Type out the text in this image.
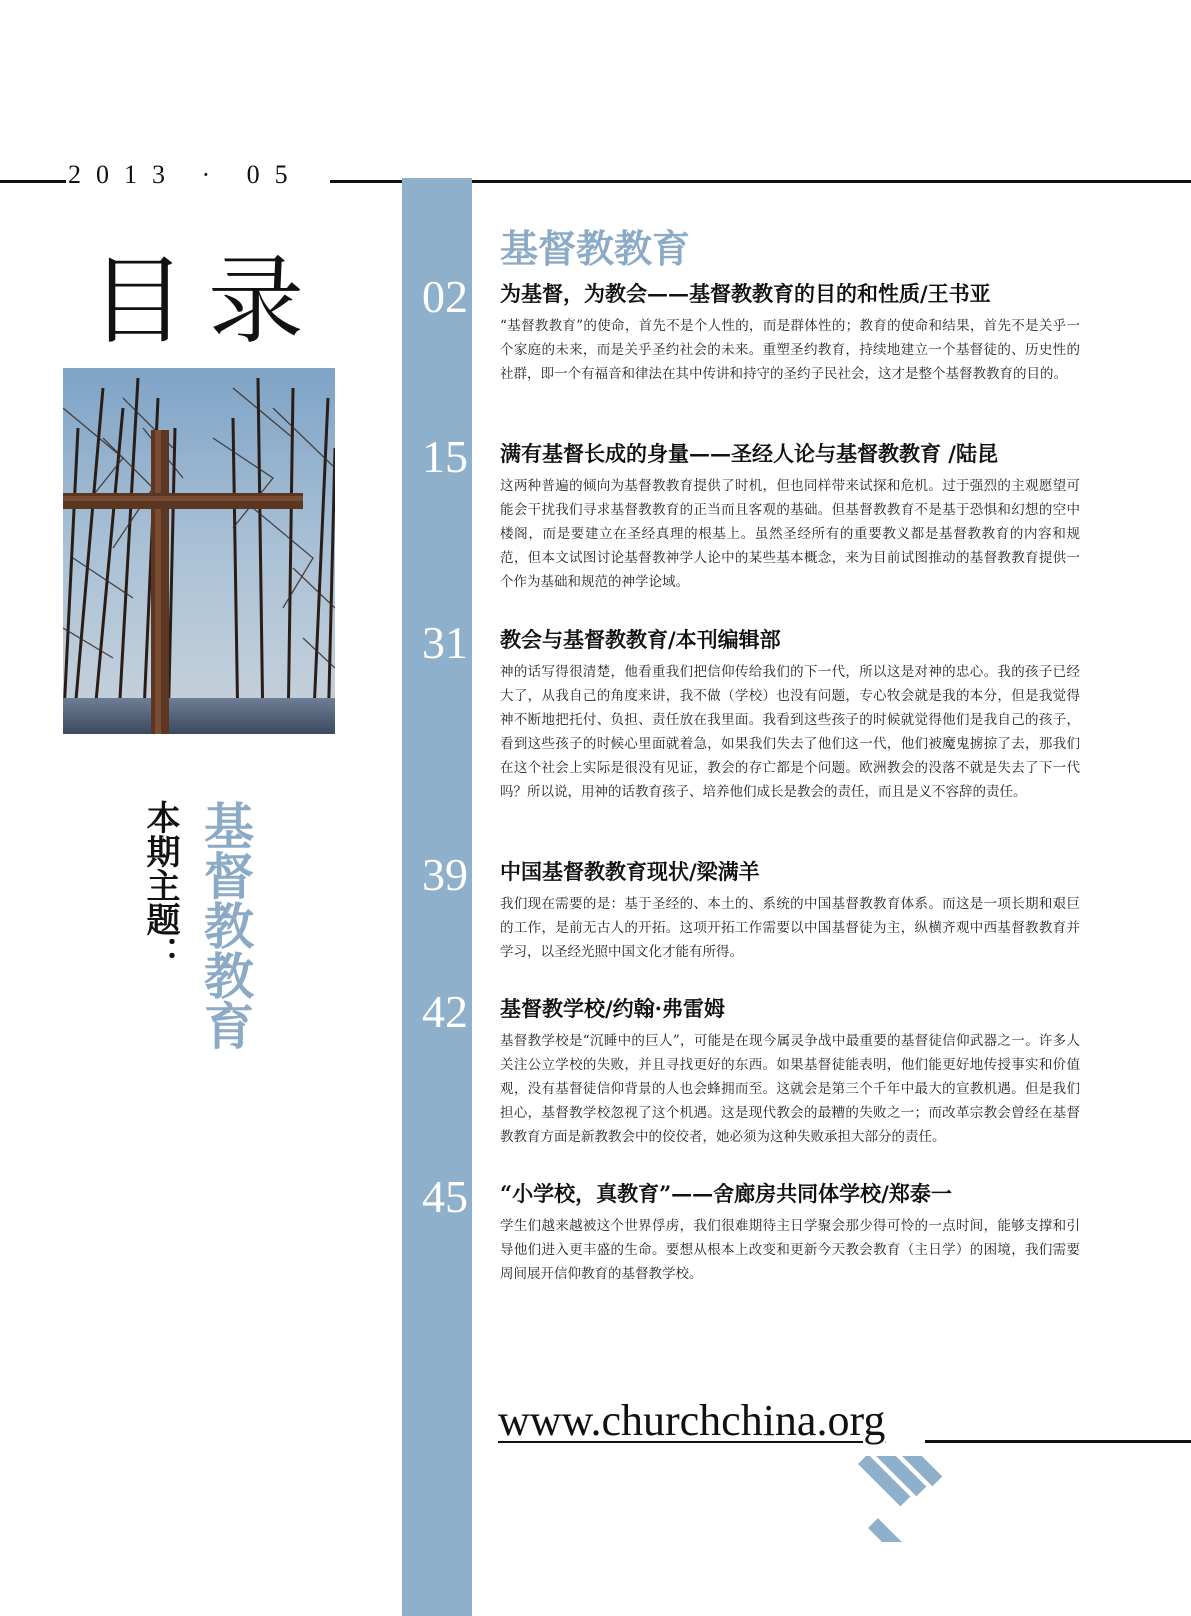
2013 · 05
目录
本期主题： 基督教教育
基督教教育
02 为基督，为教会——基督教教育的目的和性质/王书亚

“基督教教育”的使命，首先不是个人性的，而是群体性的；教育的使命和结果，首先不是关乎一个家庭的未来，而是关乎圣约社会的未来。重塑圣约教育，持续地建立一个基督徒的、历史性的社群，即一个有福音和律法在其中传讲和持守的圣约子民社会，这才是整个基督教教育的目的。

15 满有基督长成的身量——圣经人论与基督教教育 /陆昆

这两种普遍的倾向为基督教教育提供了时机，但也同样带来试探和危机。过于强烈的主观愿望可能会干扰我们寻求基督教教育的正当而且客观的基础。但基督教教育不是基于恐惧和幻想的空中楼阁，而是要建立在圣经真理的根基上。虽然圣经所有的重要教义都是基督教教育的内容和规范，但本文试图讨论基督教神学人论中的某些基本概念，来为目前试图推动的基督教教育提供一个作为基础和规范的神学论域。

31 教会与基督教教育/本刊编辑部

神的话写得很清楚，他看重我们把信仰传给我们的下一代，所以这是对神的忠心。我的孩子已经大了，从我自己的角度来讲，我不做（学校）也没有问题，专心牧会就是我的本分，但是我觉得神不断地把托付、负担、责任放在我里面。我看到这些孩子的时候就觉得他们是我自己的孩子，看到这些孩子的时候心里面就着急，如果我们失去了他们这一代，他们被魔鬼掳掠了去，那我们在这个社会上实际是很没有见证，教会的存亡都是个问题。欧洲教会的没落不就是失去了下一代吗？所以说，用神的话教育孩子、培养他们成长是教会的责任，而且是义不容辞的责任。

39 中国基督教教育现状/梁满羊

我们现在需要的是：基于圣经的、本土的、系统的中国基督教教育体系。而这是一项长期和艰巨的工作，是前无古人的开拓。这项开拓工作需要以中国基督徒为主，纵横齐观中西基督教教育并学习，以圣经光照中国文化才能有所得。

42 基督教学校/约翰·弗雷姆

基督教学校是“沉睡中的巨人”，可能是在现今属灵争战中最重要的基督徒信仰武器之一。许多人关注公立学校的失败，并且寻找更好的东西。如果基督徒能表明，他们能更好地传授事实和价值观，没有基督徒信仰背景的人也会蜂拥而至。这就会是第三个千年中最大的宣教机遇。但是我们担心，基督教学校忽视了这个机遇。这是现代教会的最糟的失败之一；而改革宗教会曾经在基督教教育方面是新教教会中的佼佼者，她必须为这种失败承担大部分的责任。

45 “小学校，真教育”——舍廊房共同体学校/郑泰一

学生们越来越被这个世界俘虏，我们很难期待主日学聚会那少得可怜的一点时间，能够支撑和引导他们进入更丰盛的生命。要想从根本上改变和更新今天教会教育（主日学）的困境，我们需要周间展开信仰教育的基督教学校。

www.churchchina.org
